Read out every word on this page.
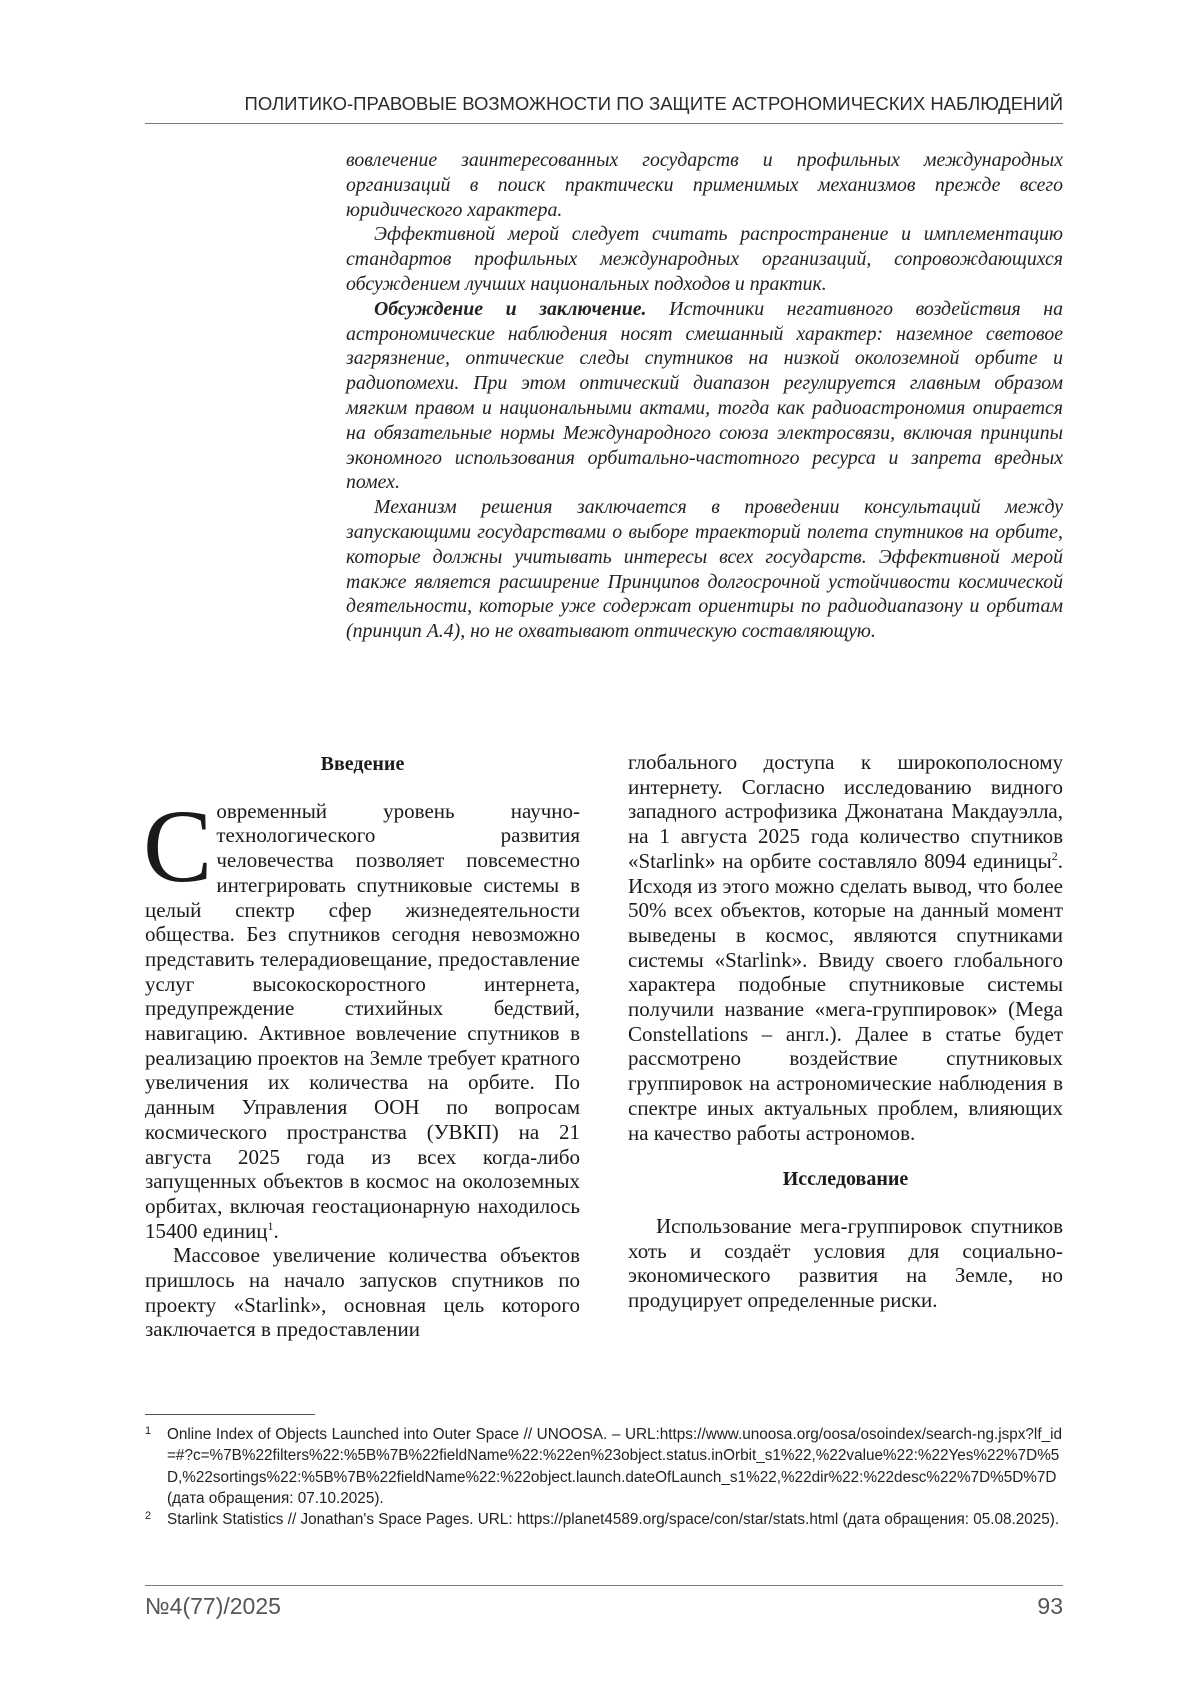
ПОЛИТИКО-ПРАВОВЫЕ ВОЗМОЖНОСТИ ПО ЗАЩИТЕ АСТРОНОМИЧЕСКИХ НАБЛЮДЕНИЙ

вовлечение заинтересованных государств и профильных международных организаций в поиск практически применимых механизмов прежде всего юридического характера.

Эффективной мерой следует считать распространение и имплементацию стандартов профильных международных организаций, сопровождающихся обсуждением лучших национальных подходов и практик.

Обсуждение и заключение. Источники негативного воздействия на астрономические наблюдения носят смешанный характер: наземное световое загрязнение, оптические следы спутников на низкой околоземной орбите и радиопомехи. При этом оптический диапазон регулируется главным образом мягким правом и национальными актами, тогда как радиоастрономия опирается на обязательные нормы Международного союза электросвязи, включая принципы экономного использования орбитально-частотного ресурса и запрета вредных помех.

Механизм решения заключается в проведении консультаций между запускающими государствами о выборе траекторий полета спутников на орбите, которые должны учитывать интересы всех государств. Эффективной мерой также является расширение Принципов долгосрочной устойчивости космической деятельности, которые уже содержат ориентиры по радиодиапазону и орбитам (принцип А.4), но не охватывают оптическую составляющую.

Введение

Современный уровень научно-технологического развития человечества позволяет повсеместно интегрировать спутниковые системы в целый спектр сфер жизнедеятельности общества. Без спутников сегодня невозможно представить телерадиовещание, предоставление услуг высокоскоростного интернета, предупреждение стихийных бедствий, навигацию. Активное вовлечение спутников в реализацию проектов на Земле требует кратного увеличения их количества на орбите. По данным Управления ООН по вопросам космического пространства (УВКП) на 21 августа 2025 года из всех когда-либо запущенных объектов в космос на околоземных орбитах, включая геостационарную находилось 15400 единиц$^1$.

Массовое увеличение количества объектов пришлось на начало запусков спутников по проекту «Starlink», основная цель которого заключается в предоставлении

глобального доступа к широкополосному интернету. Согласно исследованию видного западного астрофизика Джонатана Макдауэлла, на 1 августа 2025 года количество спутников «Starlink» на орбите составляло 8094 единицы$^2$. Исходя из этого можно сделать вывод, что более 50% всех объектов, которые на данный момент выведены в космос, являются спутниками системы «Starlink». Ввиду своего глобального характера подобные спутниковые системы получили название «мега-группировок» (Mega Constellations – англ.). Далее в статье будет рассмотрено воздействие спутниковых группировок на астрономические наблюдения в спектре иных актуальных проблем, влияющих на качество работы астрономов.

Исследование

Использование мега-группировок спутников хоть и создаёт условия для социально-экономического развития на Земле, но продуцирует определенные риски.

1 Online Index of Objects Launched into Outer Space // UNOOSA. – URL:https://www.unoosa.org/oosa/osoindex/search-ng.jspx?lf_id=#?c=%7B%22filters%22:%5B%7B%22fieldName%22:%22en%23object.status.inOrbit_s1%22,%22value%22:%22Yes%22%7D%5D,%22sortings%22:%5B%7B%22fieldName%22:%22object.launch.dateOfLaunch_s1%22,%22dir%22:%22desc%22%7D%5D%7D (дата обращения: 07.10.2025).

2 Starlink Statistics // Jonathan's Space Pages. URL: https://planet4589.org/space/con/star/stats.html (дата обращения: 05.08.2025).

№4(77)/2025	93
